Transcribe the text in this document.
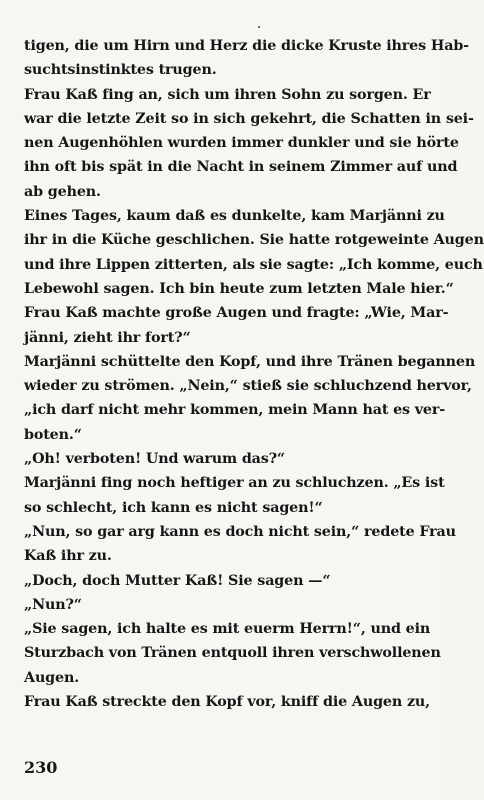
tigen, die um Hirn und Herz die dicke Kruste ihres Hab-
suchtsinstinktes trugen.
Frau Kaß fing an, sich um ihren Sohn zu sorgen. Er
war die letzte Zeit so in sich gekehrt, die Schatten in sei-
nen Augenhöhlen wurden immer dunkler und sie hörte
ihn oft bis spät in die Nacht in seinem Zimmer auf und
ab gehen.
Eines Tages, kaum daß es dunkelte, kam Marjänni zu
ihr in die Küche geschlichen. Sie hatte rotgeweinte Augen
und ihre Lippen zitterten, als sie sagte: „Ich komme, euch
Lebewohl sagen. Ich bin heute zum letzten Male hier.“
Frau Kaß machte große Augen und fragte: „Wie, Mar-
jänni, zieht ihr fort?“
Marjänni schüttelte den Kopf, und ihre Tränen begannen
wieder zu strömen. „Nein,“ stieß sie schluchzend hervor,
„ich darf nicht mehr kommen, mein Mann hat es ver-
boten.“
„Oh! verboten! Und warum das?“
Marjänni fing noch heftiger an zu schluchzen. „Es ist
so schlecht, ich kann es nicht sagen!“
„Nun, so gar arg kann es doch nicht sein,“ redete Frau
Kaß ihr zu.
„Doch, doch Mutter Kaß! Sie sagen —“
„Nun?“
„Sie sagen, ich halte es mit euerm Herrn!“, und ein
Sturzbach von Tränen entquoll ihren verschwollenen
Augen.
Frau Kaß streckte den Kopf vor, kniff die Augen zu,
230
